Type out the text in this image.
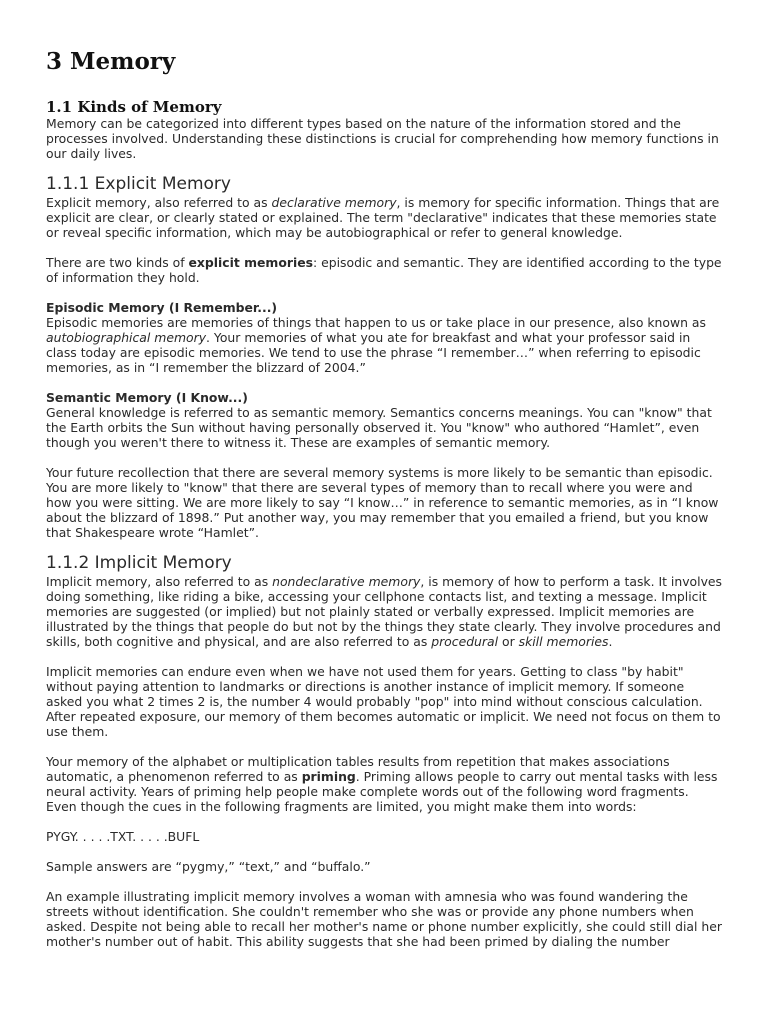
3 Memory
1.1 Kinds of Memory

Memory can be categorized into different types based on the nature of the information stored and the processes involved. Understanding these distinctions is crucial for comprehending how memory functions in our daily lives.

1.1.1 Explicit Memory

Explicit memory, also referred to as declarative memory, is memory for specific information. Things that are explicit are clear, or clearly stated or explained. The term "declarative" indicates that these memories state or reveal specific information, which may be autobiographical or refer to general knowledge.

There are two kinds of explicit memories: episodic and semantic. They are identified according to the type of information they hold.

Episodic Memory (I Remember...)

Episodic memories are memories of things that happen to us or take place in our presence, also known as autobiographical memory. Your memories of what you ate for breakfast and what your professor said in class today are episodic memories. We tend to use the phrase “I remember…” when referring to episodic memories, as in “I remember the blizzard of 2004.”

Semantic Memory (I Know...)

General knowledge is referred to as semantic memory. Semantics concerns meanings. You can "know" that the Earth orbits the Sun without having personally observed it. You "know" who authored “Hamlet”, even though you weren't there to witness it. These are examples of semantic memory.

Your future recollection that there are several memory systems is more likely to be semantic than episodic. You are more likely to "know" that there are several types of memory than to recall where you were and how you were sitting. We are more likely to say “I know…” in reference to semantic memories, as in “I know about the blizzard of 1898.” Put another way, you may remember that you emailed a friend, but you know that Shakespeare wrote “Hamlet”.

1.1.2 Implicit Memory

Implicit memory, also referred to as nondeclarative memory, is memory of how to perform a task. It involves doing something, like riding a bike, accessing your cellphone contacts list, and texting a message. Implicit memories are suggested (or implied) but not plainly stated or verbally expressed. Implicit memories are illustrated by the things that people do but not by the things they state clearly. They involve procedures and skills, both cognitive and physical, and are also referred to as procedural or skill memories.

Implicit memories can endure even when we have not used them for years. Getting to class "by habit" without paying attention to landmarks or directions is another instance of implicit memory. If someone asked you what 2 times 2 is, the number 4 would probably "pop" into mind without conscious calculation. After repeated exposure, our memory of them becomes automatic or implicit. We need not focus on them to use them.

Your memory of the alphabet or multiplication tables results from repetition that makes associations automatic, a phenomenon referred to as priming. Priming allows people to carry out mental tasks with less neural activity. Years of priming help people make complete words out of the following word fragments. Even though the cues in the following fragments are limited, you might make them into words:

PYGY. . . . .TXT. . . . .BUFL

Sample answers are “pygmy,” “text,” and “buffalo.”

An example illustrating implicit memory involves a woman with amnesia who was found wandering the streets without identification. She couldn't remember who she was or provide any phone numbers when asked. Despite not being able to recall her mother's name or phone number explicitly, she could still dial her mother's number out of habit. This ability suggests that she had been primed by dialing the number
